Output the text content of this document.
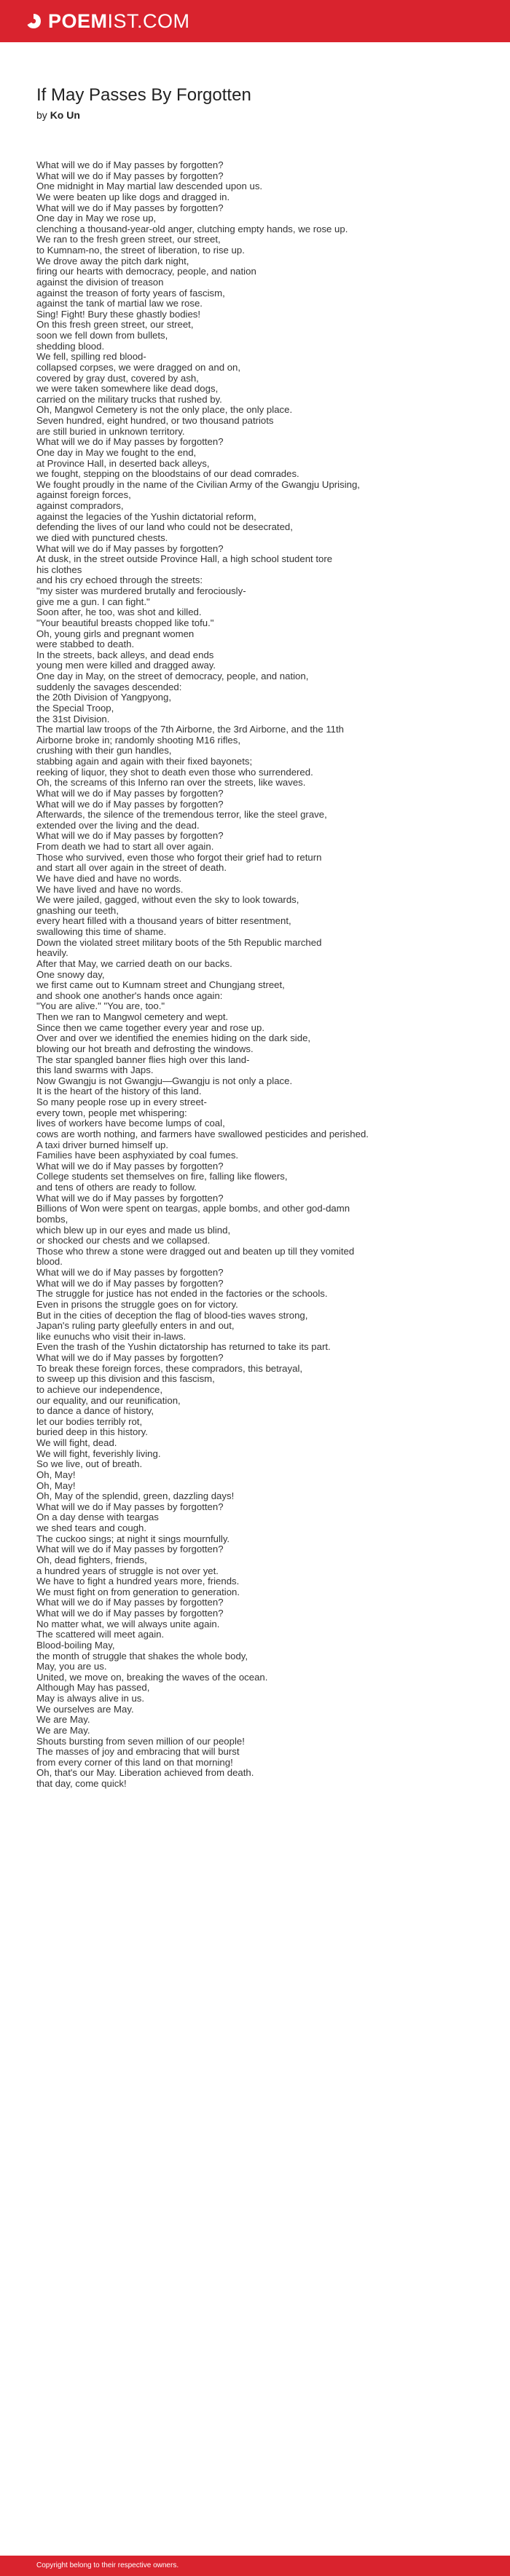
POEMIST.COM
If May Passes By Forgotten
by Ko Un
What will we do if May passes by forgotten?
What will we do if May passes by forgotten?
One midnight in May martial law descended upon us.
We were beaten up like dogs and dragged in.
What will we do if May passes by forgotten?
One day in May we rose up,
clenching a thousand-year-old anger, clutching empty hands, we rose up.
We ran to the fresh green street, our street,
to Kumnam-no, the street of liberation, to rise up.
We drove away the pitch dark night,
firing our hearts with democracy, people, and nation
against the division of treason
against the treason of forty years of fascism,
against the tank of martial law we rose.
Sing! Fight! Bury these ghastly bodies!
On this fresh green street, our street,
soon we fell down from bullets,
shedding blood.
We fell, spilling red blood-
collapsed corpses, we were dragged on and on,
covered by gray dust, covered by ash,
we were taken somewhere like dead dogs,
carried on the military trucks that rushed by.
Oh, Mangwol Cemetery is not the only place, the only place.
Seven hundred, eight hundred, or two thousand patriots
are still buried in unknown territory.
What will we do if May passes by forgotten?
One day in May we fought to the end,
at Province Hall, in deserted back alleys,
we fought, stepping on the bloodstains of our dead comrades.
We fought proudly in the name of the Civilian Army of the Gwangju Uprising,
against foreign forces,
against compradors,
against the legacies of the Yushin dictatorial reform,
defending the lives of our land who could not be desecrated,
we died with punctured chests.
What will we do if May passes by forgotten?
At dusk, in the street outside Province Hall, a high school student tore
his clothes
and his cry echoed through the streets:
"my sister was murdered brutally and ferociously-
give me a gun. I can fight."
Soon after, he too, was shot and killed.
"Your beautiful breasts chopped like tofu."
Oh, young girls and pregnant women
were stabbed to death.
In the streets, back alleys, and dead ends
young men were killed and dragged away.
One day in May, on the street of democracy, people, and nation,
suddenly the savages descended:
the 20th Division of Yangpyong,
the Special Troop,
the 31st Division.
The martial law troops of the 7th Airborne, the 3rd Airborne, and the 11th
Airborne broke in; randomly shooting M16 rifles,
crushing with their gun handles,
stabbing again and again with their fixed bayonets;
reeking of liquor, they shot to death even those who surrendered.
Oh, the screams of this Inferno ran over the streets, like waves.
What will we do if May passes by forgotten?
What will we do if May passes by forgotten?
Afterwards, the silence of the tremendous terror, like the steel grave,
extended over the living and the dead.
What will we do if May passes by forgotten?
From death we had to start all over again.
Those who survived, even those who forgot their grief had to return
and start all over again in the street of death.
We have died and have no words.
We have lived and have no words.
We were jailed, gagged, without even the sky to look towards,
gnashing our teeth,
every heart filled with a thousand years of bitter resentment,
swallowing this time of shame.
Down the violated street military boots of the 5th Republic marched
heavily.
After that May, we carried death on our backs.
One snowy day,
we first came out to Kumnam street and Chungjang street,
and shook one another's hands once again:
"You are alive." "You are, too."
Then we ran to Mangwol cemetery and wept.
Since then we came together every year and rose up.
Over and over we identified the enemies hiding on the dark side,
blowing our hot breath and defrosting the windows.
The star spangled banner flies high over this land-
this land swarms with Japs.
Now Gwangju is not Gwangju—Gwangju is not only a place.
It is the heart of the history of this land.
So many people rose up in every street-
every town, people met whispering:
lives of workers have become lumps of coal,
cows are worth nothing, and farmers have swallowed pesticides and perished.
A taxi driver burned himself up.
Families have been asphyxiated by coal fumes.
What will we do if May passes by forgotten?
College students set themselves on fire, falling like flowers,
and tens of others are ready to follow.
What will we do if May passes by forgotten?
Billions of Won were spent on teargas, apple bombs, and other god-damn
bombs,
which blew up in our eyes and made us blind,
or shocked our chests and we collapsed.
Those who threw a stone were dragged out and beaten up till they vomited
blood.
What will we do if May passes by forgotten?
What will we do if May passes by forgotten?
The struggle for justice has not ended in the factories or the schools.
Even in prisons the struggle goes on for victory.
But in the cities of deception the flag of blood-ties waves strong,
Japan's ruling party gleefully enters in and out,
like eunuchs who visit their in-laws.
Even the trash of the Yushin dictatorship has returned to take its part.
What will we do if May passes by forgotten?
To break these foreign forces, these compradors, this betrayal,
to sweep up this division and this fascism,
to achieve our independence,
our equality, and our reunification,
to dance a dance of history,
let our bodies terribly rot,
buried deep in this history.
We will fight, dead.
We will fight, feverishly living.
So we live, out of breath.
Oh, May!
Oh, May!
Oh, May of the splendid, green, dazzling days!
What will we do if May passes by forgotten?
On a day dense with teargas
we shed tears and cough.
The cuckoo sings; at night it sings mournfully.
What will we do if May passes by forgotten?
Oh, dead fighters, friends,
a hundred years of struggle is not over yet.
We have to fight a hundred years more, friends.
We must fight on from generation to generation.
What will we do if May passes by forgotten?
What will we do if May passes by forgotten?
No matter what, we will always unite again.
The scattered will meet again.
Blood-boiling May,
the month of struggle that shakes the whole body,
May, you are us.
United, we move on, breaking the waves of the ocean.
Although May has passed,
May is always alive in us.
We ourselves are May.
We are May.
We are May.
Shouts bursting from seven million of our people!
The masses of joy and embracing that will burst
from every corner of this land on that morning!
Oh, that's our May. Liberation achieved from death.
that day, come quick!
Copyright belong to their respective owners.
